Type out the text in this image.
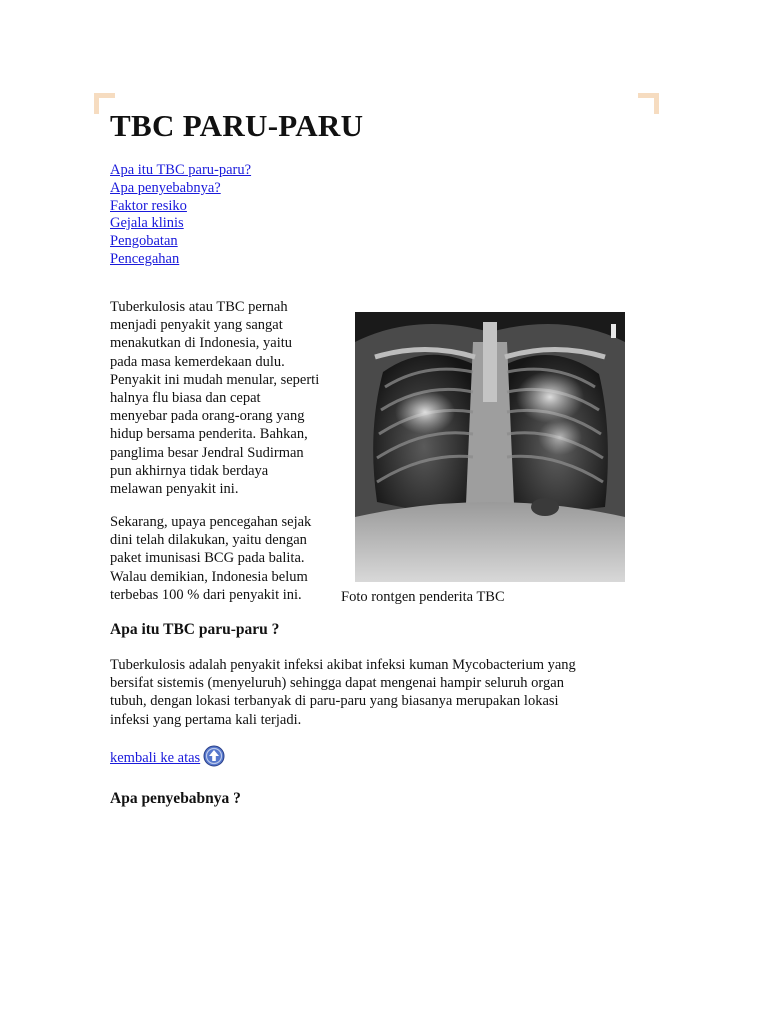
TBC PARU-PARU
Apa itu TBC paru-paru?
Apa penyebabnya?
Faktor resiko
Gejala klinis
Pengobatan
Pencegahan

Tuberkulosis atau TBC pernah
menjadi penyakit yang sangat
menakutkan di Indonesia, yaitu
pada masa kemerdekaan dulu.
Penyakit ini mudah menular, seperti
halnya flu biasa dan cepat
menyebar pada orang-orang yang
hidup bersama penderita. Bahkan,
panglima besar Jendral Sudirman
pun akhirnya tidak berdaya
melawan penyakit ini.

Sekarang, upaya pencegahan sejak
dini telah dilakukan, yaitu dengan
paket imunisasi BCG pada balita.
Walau demikian, Indonesia belum
terbebas 100 % dari penyakit ini.	Foto rontgen penderita TBC
Apa itu TBC paru-paru ?

Tuberkulosis adalah penyakit infeksi akibat infeksi kuman Mycobacterium yang
bersifat sistemis (menyeluruh) sehingga dapat mengenai hampir seluruh organ
tubuh, dengan lokasi terbanyak di paru-paru yang biasanya merupakan lokasi
infeksi yang pertama kali terjadi.

kembali ke atas
Apa penyebabnya ?
